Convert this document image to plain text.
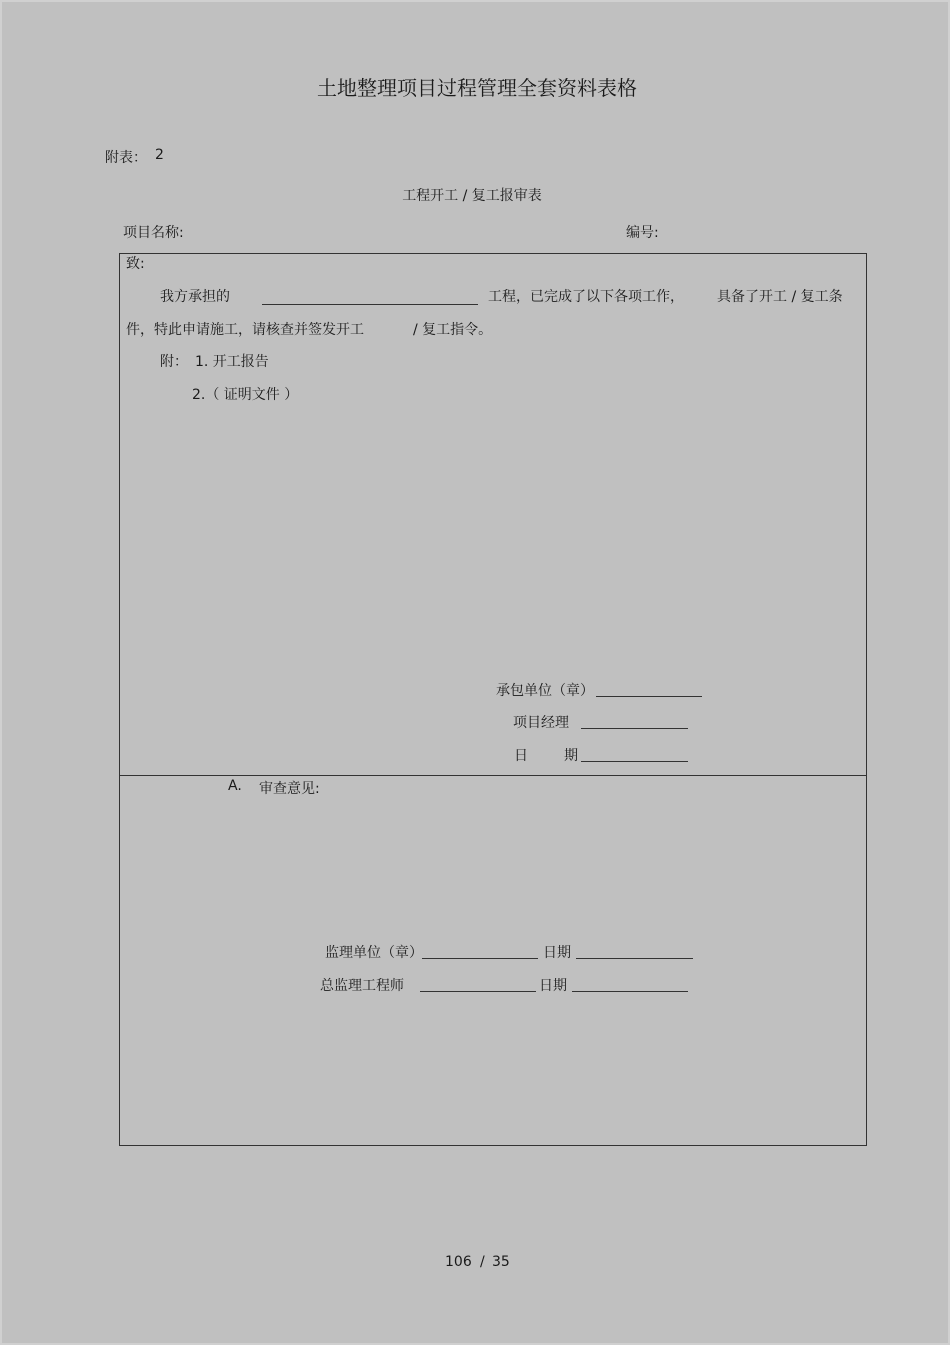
土地整理项目过程管理全套资料表格
附表： 2
工程开工 / 复工报审表
项目名称:	编号:
致:
我方承担的	工程，已完成了以下各项工作， 具备了开工 / 复工条
件，特此申请施工，请核查并签发开工	/ 复工指令。
附： 1. 开工报告
2.（ 证明文件 ）
承包单位（章）
项目经理
日	期
A. 审查意见:
监理单位（章）	日期
总监理工程师	日期
106 / 35
